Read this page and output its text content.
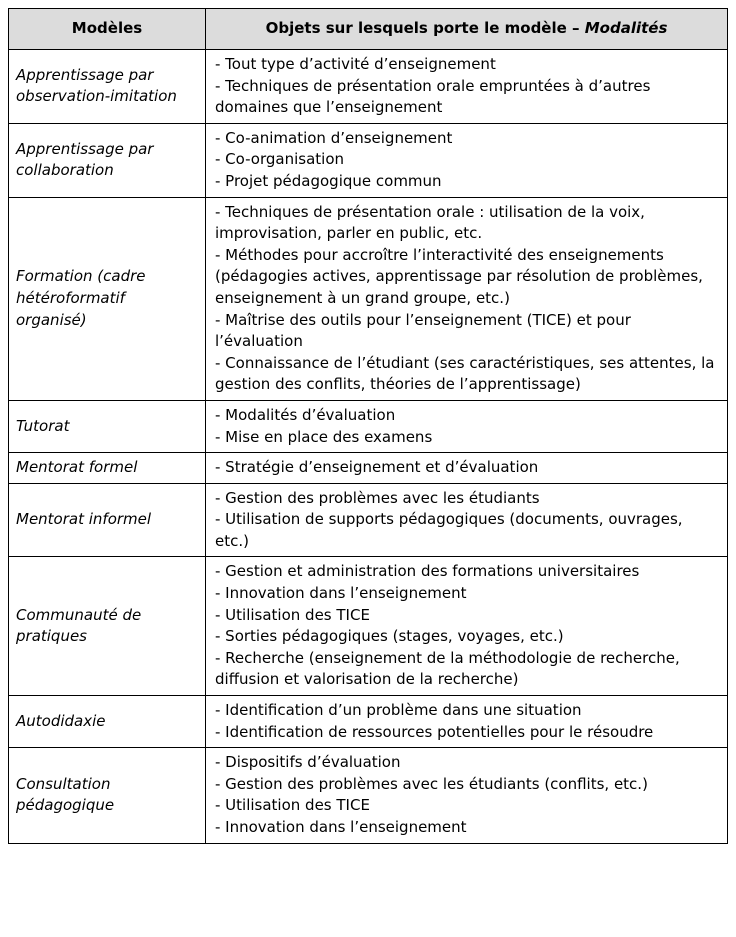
Modèles	Objets sur lesquels porte le modèle – Modalités
Apprentissage par observation-imitation	- Tout type d’activité d’enseignement
- Techniques de présentation orale empruntées à d’autres domaines que l’enseignement

Apprentissage par collaboration	- Co-animation d’enseignement
- Co-organisation
- Projet pédagogique commun

Formation (cadre hétéroformatif organisé)	- Techniques de présentation orale : utilisation de la voix, improvisation, parler en public, etc.
- Méthodes pour accroître l’interactivité des enseignements (pédagogies actives, apprentissage par résolution de problèmes, enseignement à un grand groupe, etc.)
- Maîtrise des outils pour l’enseignement (TICE) et pour l’évaluation
- Connaissance de l’étudiant (ses caractéristiques, ses attentes, la gestion des conflits, théories de l’apprentissage)

Tutorat	- Modalités d’évaluation
- Mise en place des examens

Mentorat formel	- Stratégie d’enseignement et d’évaluation

Mentorat informel	- Gestion des problèmes avec les étudiants
- Utilisation de supports pédagogiques (documents, ouvrages, etc.)

Communauté de pratiques	- Gestion et administration des formations universitaires
- Innovation dans l’enseignement
- Utilisation des TICE
- Sorties pédagogiques (stages, voyages, etc.)
- Recherche (enseignement de la méthodologie de recherche, diffusion et valorisation de la recherche)

Autodidaxie	- Identification d’un problème dans une situation
- Identification de ressources potentielles pour le résoudre

Consultation pédagogique	- Dispositifs d’évaluation
- Gestion des problèmes avec les étudiants (conflits, etc.)
- Utilisation des TICE
- Innovation dans l’enseignement
